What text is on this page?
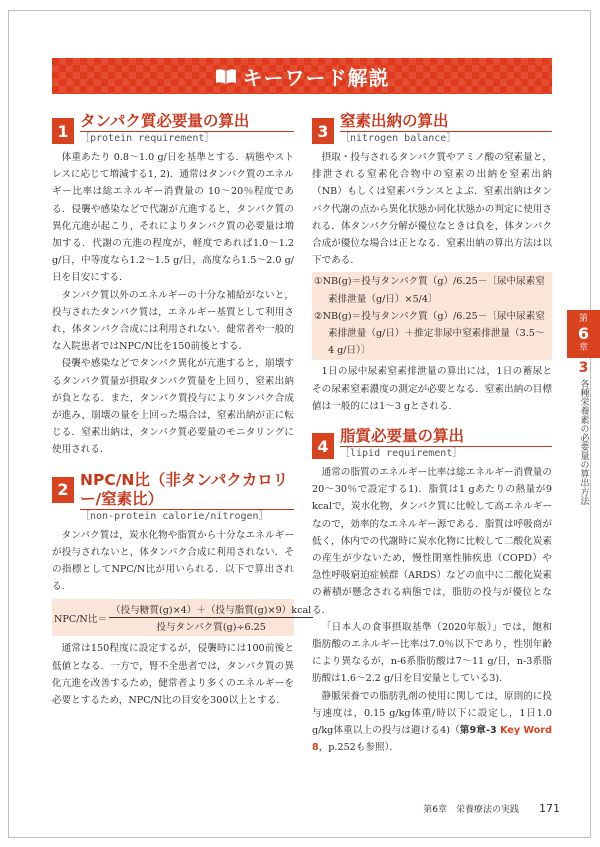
キーワード解説
1
タンパク質必要量の算出
［protein requirement］

体重あたり 0.8～1.0 g/日を基準とする．病態やストレスに応じて増減する1, 2)．通常はタンパク質のエネルギー比率は総エネルギー消費量の 10～20％程度である．侵襲や感染などで代謝が亢進すると，タンパク質の異化亢進が起こり，それによりタンパク質の必要量は増加する．代謝の亢進の程度が，軽度であれば1.0～1.2 g/日，中等度なら1.2～1.5 g/日，高度なら1.5～2.0 g/日を目安にする．

タンパク質以外のエネルギーの十分な補給がないと，投与されたタンパク質は，エネルギー基質として利用され，体タンパク合成には利用されない．健常者や一般的な入院患者ではNPC/N比を150前後とする．

侵襲や感染などでタンパク異化が亢進すると，崩壊するタンパク質量が摂取タンパク質量を上回り，窒素出納が負となる．また，タンパク質投与によりタンパク合成が進み，崩壊の量を上回った場合は，窒素出納が正に転じる．窒素出納は，タンパク質必要量のモニタリングに使用される．

2
NPC/N比（非タンパクカロリー/窒素比）
［non-protein calorie/nitrogen］

タンパク質は，炭水化物や脂質から十分なエネルギーが投与されないと，体タンパク合成に利用されない．その指標としてNPC/N比が用いられる．以下で算出される．

NPC/N比＝ $\frac{\text{（投与糖質(g)×4）＋（投与脂質(g)×9）kcal}}{\text{投与タンパク質(g)÷6.25}}$

通常は150程度に設定するが，侵襲時には100前後と低値となる．一方で，腎不全患者では，タンパク質の異化亢進を改善するため，健常者より多くのエネルギーを必要とするため，NPC/N比の目安を300以上とする．

3
窒素出納の算出
［nitrogen balance］

摂取・投与されるタンパク質やアミノ酸の窒素量と，排泄される窒素化合物中の窒素の出納を窒素出納（NB）もしくは窒素バランスとよぶ．窒素出納はタンパク代謝の点から異化状態か同化状態かの判定に使用される．体タンパク分解が優位なときは負を，体タンパク合成が優位な場合は正となる．窒素出納の算出方法は以下である．

①NB(g)＝投与タンパク質（g）/6.25－〔尿中尿素窒素排泄量（g/日）×5/4〕
②NB(g)＝投与タンパク質（g）/6.25－〔尿中尿素窒素排泄量（g/日）＋推定非尿中窒素排泄量（3.5～4 g/日）〕

1日の尿中尿素窒素排泄量の算出には，1日の蓄尿とその尿素窒素濃度の測定が必要となる．窒素出納の目標値は一般的には1～3 gとされる．

4
脂質必要量の算出
［lipid requirement］

通常の脂質のエネルギー比率は総エネルギー消費量の20～30％で設定する1)．脂質は1 gあたりの熱量が9 kcalで，炭水化物，タンパク質に比較して高エネルギーなので，効率的なエネルギー源である．脂質は呼吸商が低く，体内での代謝時に炭水化物に比較して二酸化炭素の産生が少ないため，慢性閉塞性肺疾患（COPD）や急性呼吸窮迫症候群（ARDS）などの血中に二酸化炭素の蓄積が懸念される病態では，脂肪の投与が優位となる．

「日本人の食事摂取基準（2020年版）」では，飽和脂肪酸のエネルギー比率は7.0％以下であり，性別年齢により異なるが，n-6系脂肪酸は7～11 g/日，n-3系脂肪酸は1.6～2.2 g/日を目安量としている3)．

静脈栄養での脂肪乳剤の使用に関しては，原則的に投与速度は，0.15 g/kg体重/時以下に設定し，1日1.0 g/kg体重以上の投与は避ける4)（第9章-3 Key Word 8，p.252も参照）．

第
6
章
3
各種栄養素の必要量の算出方法
第6章　栄養療法の実践 171
